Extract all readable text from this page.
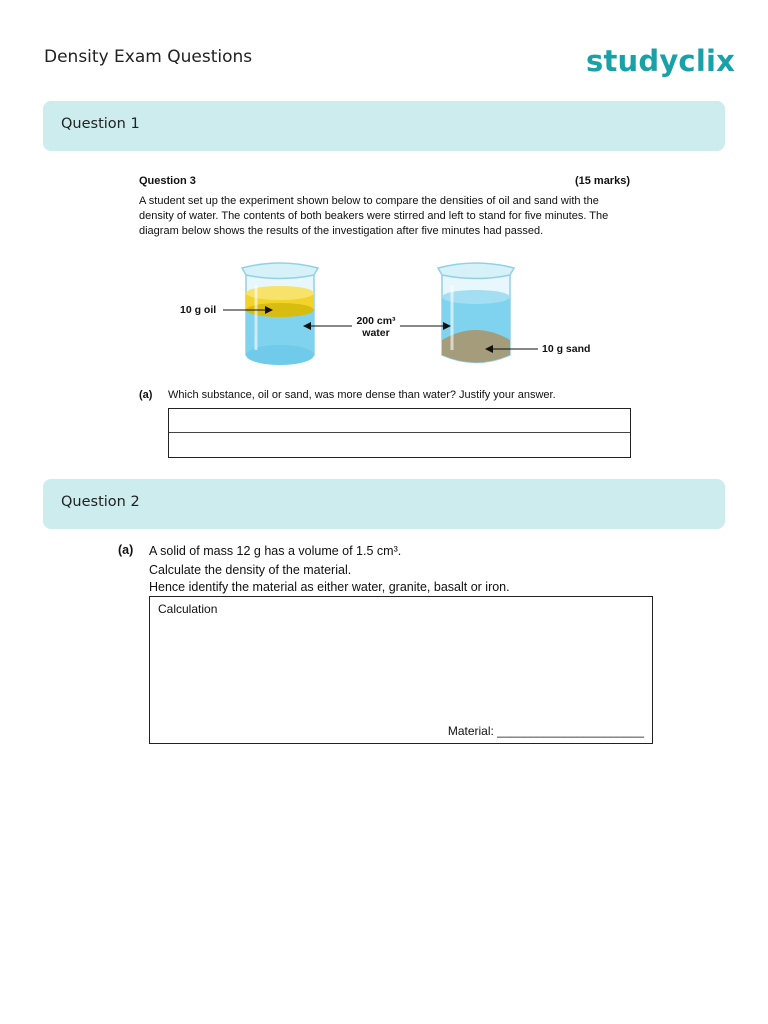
Density Exam Questions	studyclix
Question 1
Question 3	(15 marks)
A student set up the experiment shown below to compare the densities of oil and sand with the density of water. The contents of both beakers were stirred and left to stand for five minutes. The diagram below shows the results of the investigation after five minutes had passed.
10 g oil
200 cm³
water
10 g sand
(a) Which substance, oil or sand, was more dense than water? Justify your answer.
Question 2
(a) A solid of mass 12 g has a volume of 1.5 cm³.
Calculate the density of the material.
Hence identify the material as either water, granite, basalt or iron.
Calculation
Material: ______________________
